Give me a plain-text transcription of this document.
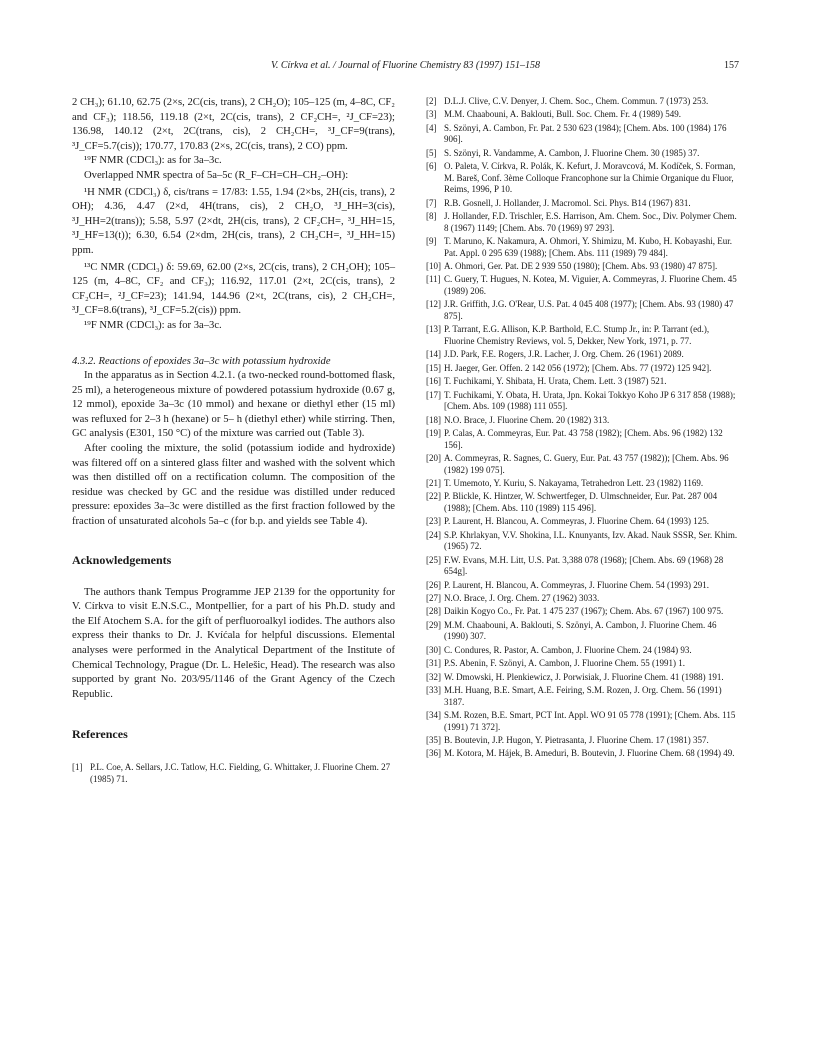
V. Církva et al. / Journal of Fluorine Chemistry 83 (1997) 151–158	157

2 CH₃); 61.10, 62.75 (2×s, 2C(cis, trans), 2 CH₂O); 105–125 (m, 4–8C, CF₂ and CF₃); 118.56, 119.18 (2×t, 2C(cis, trans), 2 CF₂CH=, ²J_CF=23); 136.98, 140.12 (2×t, 2C(trans, cis), 2 CH₂CH=, ³J_CF=9(trans), ³J_CF=5.7(cis)); 170.77, 170.83 (2×s, 2C(cis, trans), 2 CO) ppm.

¹⁹F NMR (CDCl₃): as for 3a–3c.

Overlapped NMR spectra of 5a–5c (R_F–CH=CH–CH₂–OH):

¹H NMR (CDCl₃) δ, cis/trans = 17/83: 1.55, 1.94 (2×bs, 2H(cis, trans), 2 OH); 4.36, 4.47 (2×d, 4H(trans, cis), 2 CH₂O, ³J_HH=3(cis), ³J_HH=2(trans)); 5.58, 5.97 (2×dt, 2H(cis, trans), 2 CF₂CH=, ³J_HH=15, ³J_HF=13(t)); 6.30, 6.54 (2×dm, 2H(cis, trans), 2 CH₂CH=, ³J_HH=15) ppm.

¹³C NMR (CDCl₃) δ: 59.69, 62.00 (2×s, 2C(cis, trans), 2 CH₂OH); 105–125 (m, 4–8C, CF₂ and CF₃); 116.92, 117.01 (2×t, 2C(cis, trans), 2 CF₂CH=, ²J_CF=23); 141.94, 144.96 (2×t, 2C(trans, cis), 2 CH₂CH=, ³J_CF=8.6(trans), ³J_CF=5.2(cis)) ppm.

¹⁹F NMR (CDCl₃): as for 3a–3c.

4.3.2. Reactions of epoxides 3a–3c with potassium hydroxide

In the apparatus as in Section 4.2.1. (a two-necked round-bottomed flask, 25 ml), a heterogeneous mixture of powdered potassium hydroxide (0.67 g, 12 mmol), epoxide 3a–3c (10 mmol) and hexane or diethyl ether (15 ml) was refluxed for 2–3 h (hexane) or 5– h (diethyl ether) while stirring. Then, GC analysis (E301, 150 °C) of the mixture was carried out (Table 3).

After cooling the mixture, the solid (potassium iodide and hydroxide) was filtered off on a sintered glass filter and washed with the solvent which was then distilled off on a rectification column. The composition of the residue was checked by GC and the residue was distilled under reduced pressure: epoxides 3a–3c were distilled as the first fraction followed by the fraction of unsaturated alcohols 5a–c (for b.p. and yields see Table 4).

Acknowledgements

The authors thank Tempus Programme JEP 2139 for the opportunity for V. Církva to visit E.N.S.C., Montpellier, for a part of his Ph.D. study and the Elf Atochem S.A. for the gift of perfluoroalkyl iodides. The authors also express their thanks to Dr. J. Kvíćala for helpful discussions. Elemental analyses were performed in the Analytical Department of the Institute of Chemical Technology, Prague (Dr. L. Helešic, Head). The research was also supported by grant No. 203/95/1146 of the Grant Agency of the Czech Republic.

References
[1] P.L. Coe, A. Sellars, J.C. Tatlow, H.C. Fielding, G. Whittaker, J. Fluorine Chem. 27 (1985) 71.
[2] D.L.J. Clive, C.V. Denyer, J. Chem. Soc., Chem. Commun. 7 (1973) 253.
[3] M.M. Chaabouni, A. Baklouti, Bull. Soc. Chem. Fr. 4 (1989) 549.
[4] S. Szönyi, A. Cambon, Fr. Pat. 2 530 623 (1984); [Chem. Abs. 100 (1984) 176 906].
[5] S. Szönyi, R. Vandamme, A. Cambon, J. Fluorine Chem. 30 (1985) 37.
[6] O. Paleta, V. Církva, R. Polák, K. Kefurt, J. Moravcová, M. Kodíček, S. Forman, M. Bareš, Conf. 3ème Colloque Francophone sur la Chimie Organique du Fluor, Reims, 1996, P 10.
[7] R.B. Gosnell, J. Hollander, J. Macromol. Sci. Phys. B14 (1967) 831.
[8] J. Hollander, F.D. Trischler, E.S. Harrison, Am. Chem. Soc., Div. Polymer Chem. 8 (1967) 1149; [Chem. Abs. 70 (1969) 97 293].
[9] T. Maruno, K. Nakamura, A. Ohmori, Y. Shimizu, M. Kubo, H. Kobayashi, Eur. Pat. Appl. 0 295 639 (1988); [Chem. Abs. 111 (1989) 79 484].
[10] A. Ohmori, Ger. Pat. DE 2 939 550 (1980); [Chem. Abs. 93 (1980) 47 875].
[11] C. Guery, T. Hugues, N. Kotea, M. Viguier, A. Commeyras, J. Fluorine Chem. 45 (1989) 206.
[12] J.R. Griffith, J.G. O'Rear, U.S. Pat. 4 045 408 (1977); [Chem. Abs. 93 (1980) 47 875].
[13] P. Tarrant, E.G. Allison, K.P. Barthold, E.C. Stump Jr., in: P. Tarrant (ed.), Fluorine Chemistry Reviews, vol. 5, Dekker, New York, 1971, p. 77.
[14] J.D. Park, F.E. Rogers, J.R. Lacher, J. Org. Chem. 26 (1961) 2089.
[15] H. Jaeger, Ger. Offen. 2 142 056 (1972); [Chem. Abs. 77 (1972) 125 942].
[16] T. Fuchikami, Y. Shibata, H. Urata, Chem. Lett. 3 (1987) 521.
[17] T. Fuchikami, Y. Obata, H. Urata, Jpn. Kokai Tokkyo Koho JP 6 317 858 (1988); [Chem. Abs. 109 (1988) 111 055].
[18] N.O. Brace, J. Fluorine Chem. 20 (1982) 313.
[19] P. Calas, A. Commeyras, Eur. Pat. 43 758 (1982); [Chem. Abs. 96 (1982) 132 156].
[20] A. Commeyras, R. Sagnes, C. Guery, Eur. Pat. 43 757 (1982)); [Chem. Abs. 96 (1982) 199 075].
[21] T. Umemoto, Y. Kuriu, S. Nakayama, Tetrahedron Lett. 23 (1982) 1169.
[22] P. Blickle, K. Hintzer, W. Schwertfeger, D. Ulmschneider, Eur. Pat. 287 004 (1988); [Chem. Abs. 110 (1989) 115 496].
[23] P. Laurent, H. Blancou, A. Commeyras, J. Fluorine Chem. 64 (1993) 125.
[24] S.P. Khrlakyan, V.V. Shokina, I.L. Knunyants, Izv. Akad. Nauk SSSR, Ser. Khim. (1965) 72.
[25] F.W. Evans, M.H. Litt, U.S. Pat. 3,388 078 (1968); [Chem. Abs. 69 (1968) 28 654g].
[26] P. Laurent, H. Blancou, A. Commeyras, J. Fluorine Chem. 54 (1993) 291.
[27] N.O. Brace, J. Org. Chem. 27 (1962) 3033.
[28] Daikin Kogyo Co., Fr. Pat. 1 475 237 (1967); Chem. Abs. 67 (1967) 100 975.
[29] M.M. Chaabouni, A. Baklouti, S. Szönyi, A. Cambon, J. Fluorine Chem. 46 (1990) 307.
[30] C. Condures, R. Pastor, A. Cambon, J. Fluorine Chem. 24 (1984) 93.
[31] P.S. Abenin, F. Szönyi, A. Cambon, J. Fluorine Chem. 55 (1991) 1.
[32] W. Dmowski, H. Plenkiewicz, J. Porwisiak, J. Fluorine Chem. 41 (1988) 191.
[33] M.H. Huang, B.E. Smart, A.E. Feiring, S.M. Rozen, J. Org. Chem. 56 (1991) 3187.
[34] S.M. Rozen, B.E. Smart, PCT Int. Appl. WO 91 05 778 (1991); [Chem. Abs. 115 (1991) 71 372].
[35] B. Boutevin, J.P. Hugon, Y. Pietrasanta, J. Fluorine Chem. 17 (1981) 357.
[36] M. Kotora, M. Hájek, B. Ameduri, B. Boutevin, J. Fluorine Chem. 68 (1994) 49.
